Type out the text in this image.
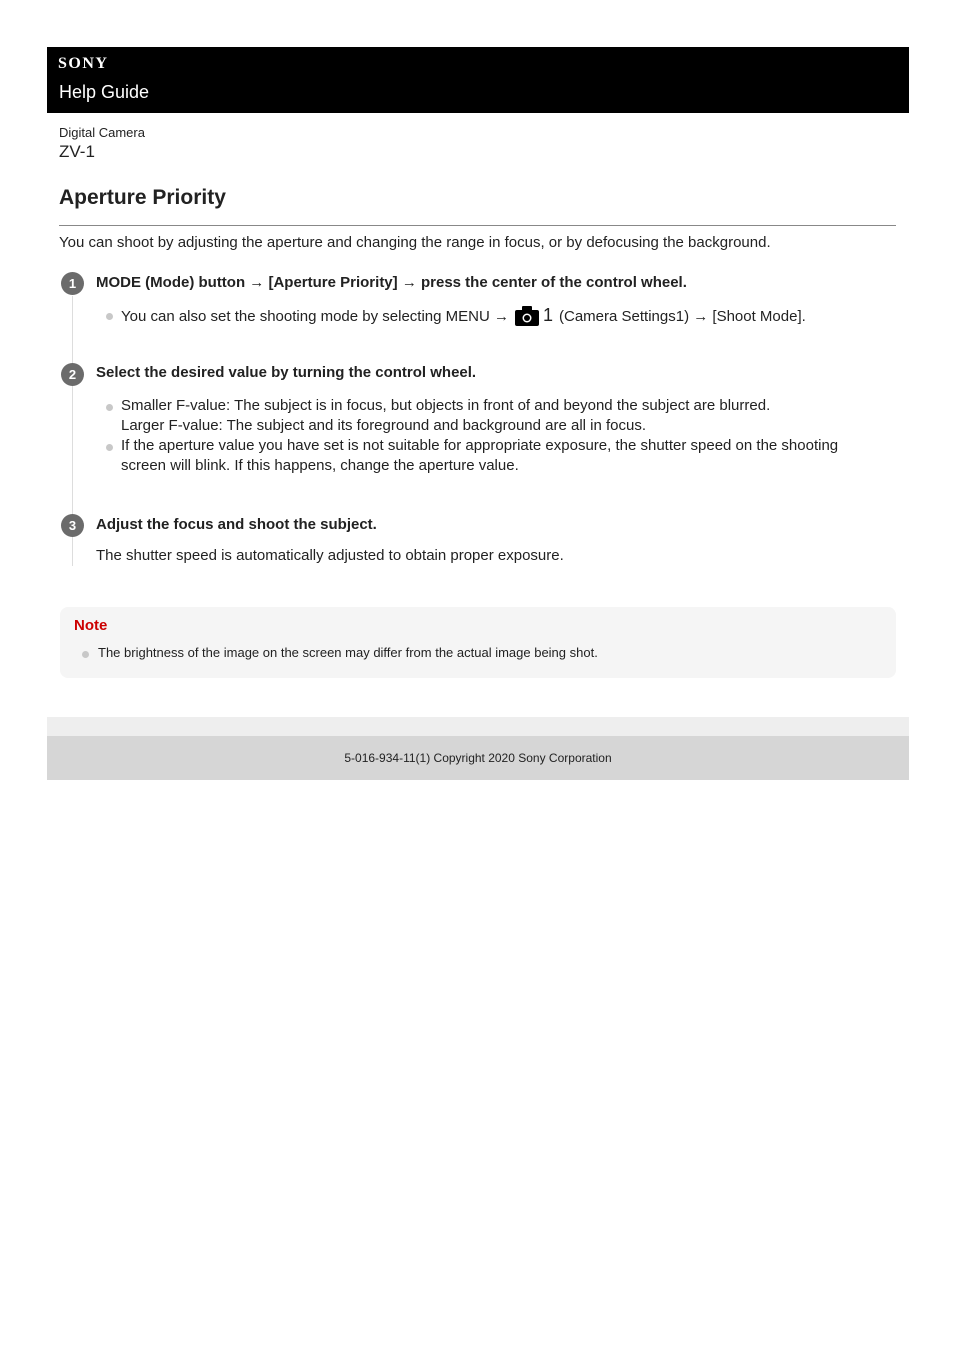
SONY
Help Guide
Digital Camera
ZV-1
Aperture Priority
You can shoot by adjusting the aperture and changing the range in focus, or by defocusing the background.
1	MODE (Mode) button → [Aperture Priority] → press the center of the control wheel.
You can also set the shooting mode by selecting MENU → 1 (Camera Settings1) → [Shoot Mode].
2	Select the desired value by turning the control wheel.
Smaller F-value: The subject is in focus, but objects in front of and beyond the subject are blurred.
Larger F-value: The subject and its foreground and background are all in focus.
If the aperture value you have set is not suitable for appropriate exposure, the shutter speed on the shooting
screen will blink. If this happens, change the aperture value.
3	Adjust the focus and shoot the subject.
The shutter speed is automatically adjusted to obtain proper exposure.
Note
The brightness of the image on the screen may differ from the actual image being shot.
5-016-934-11(1) Copyright 2020 Sony Corporation
